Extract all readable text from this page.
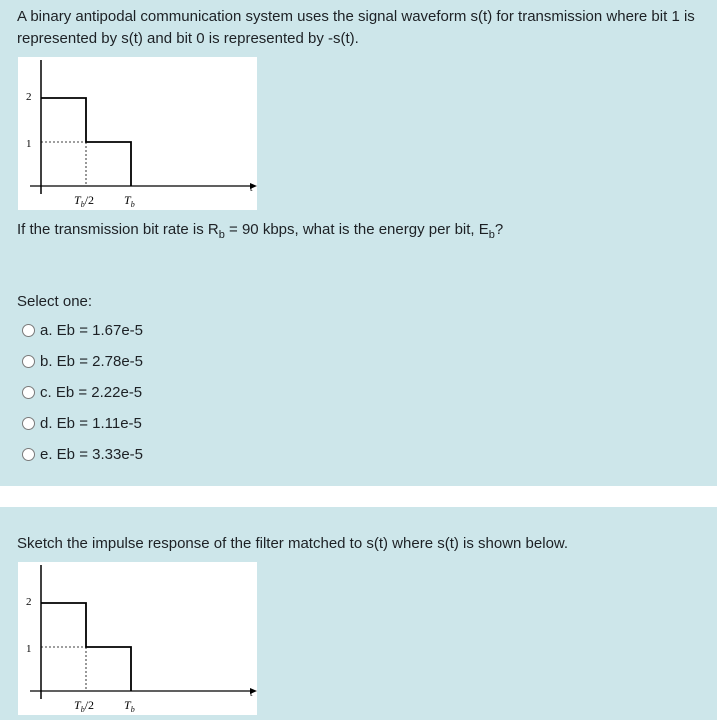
A binary antipodal communication system uses the signal waveform s(t) for transmission where bit 1 is represented by s(t) and bit 0 is represented by -s(t).

2
1
t
$T_b/2$ $T_b$

If the transmission bit rate is $R_b = 90$ kbps, what is the energy per bit, $E_b$?

Select one:
a. Eb = 1.67e-5
b. Eb = 2.78e-5
c. Eb = 2.22e-5
d. Eb = 1.11e-5
e. Eb = 3.33e-5

Sketch the impulse response of the filter matched to s(t) where s(t) is shown below.

2
1
t
$T_b/2$ $T_b$
